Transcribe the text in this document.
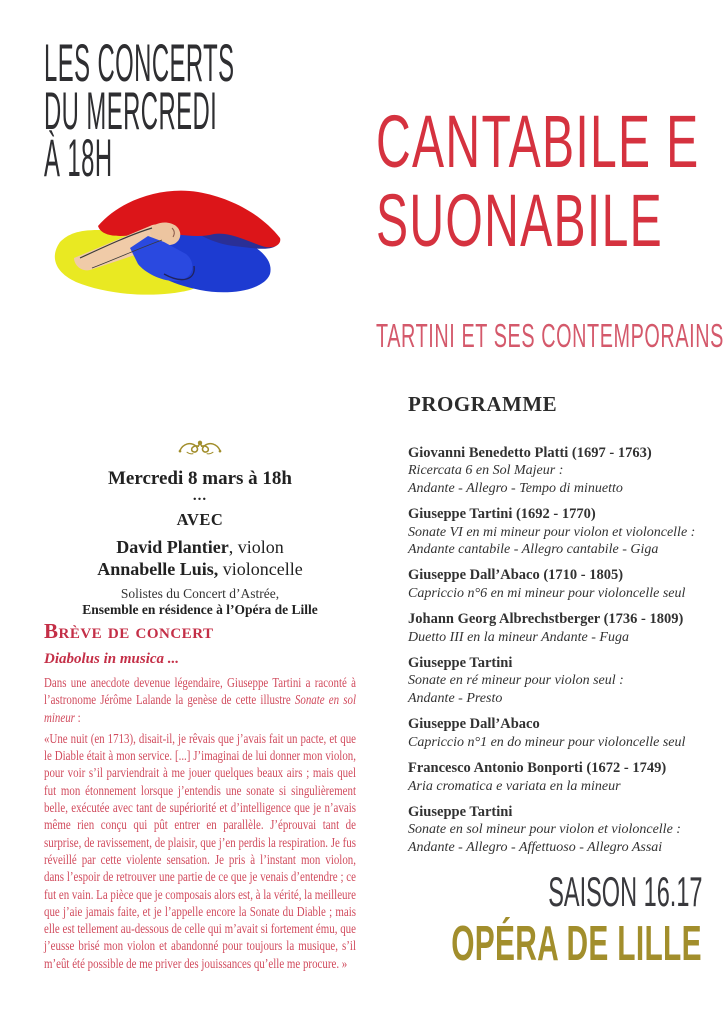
LES CONCERTS
DU MERCREDI
À 18H	CANTABILE E
SUONABILE
TARTINI ET SES CONTEMPORAINS
Mercredi 8 mars à 18h
...
AVEC
David Plantier, violon
Annabelle Luis, violoncelle
Solistes du Concert d’Astrée,
Ensemble en résidence à l’Opéra de Lille
PROGRAMME
Giovanni Benedetto Platti (1697 - 1763)
Ricercata 6 en Sol Majeur :
Andante - Allegro - Tempo di minuetto
Giuseppe Tartini (1692 - 1770)
Sonate VI en mi mineur pour violon et violoncelle :
Andante cantabile - Allegro cantabile - Giga
Giuseppe Dall’Abaco (1710 - 1805)
Capriccio n°6 en mi mineur pour violoncelle seul
Johann Georg Albrechstberger (1736 - 1809)
Duetto III en la mineur Andante - Fuga
Giuseppe Tartini
Sonate en ré mineur pour violon seul :
Andante - Presto
Giuseppe Dall’Abaco
Capriccio n°1 en do mineur pour violoncelle seul
Francesco Antonio Bonporti (1672 - 1749)
Aria cromatica e variata en la mineur
Giuseppe Tartini
Sonate en sol mineur pour violon et violoncelle :
Andante - Allegro - Affettuoso - Allegro Assai
Brève de concert
Diabolus in musica ...

Dans une anecdote devenue légendaire, Giuseppe Tartini a raconté à l’astronome Jérôme Lalande la genèse de cette illustre Sonate en sol mineur :

«Une nuit (en 1713), disait-il, je rêvais que j’avais fait un pacte, et que le Diable était à mon service. [...] J’imaginai de lui donner mon violon, pour voir s’il parviendrait à me jouer quelques beaux airs ; mais quel fut mon étonnement lorsque j’entendis une sonate si singulièrement belle, exécutée avec tant de supériorité et d’intelligence que je n’avais même rien conçu qui pût entrer en parallèle. J’éprouvai tant de surprise, de ravissement, de plaisir, que j’en perdis la respiration. Je fus réveillé par cette violente sensation. Je pris à l’instant mon violon, dans l’espoir de retrouver une partie de ce que je venais d’entendre ; ce fut en vain. La pièce que je composais alors est, à la vérité, la meilleure que j’aie jamais faite, et je l’appelle encore la Sonate du Diable ; mais elle est tellement au-dessous de celle qui m’avait si fortement ému, que j’eusse brisé mon violon et abandonné pour toujours la musique, s’il m’eût été possible de me priver des jouissances qu’elle me procure. »

SAISON 16.17
OPÉRA DE LILLE
